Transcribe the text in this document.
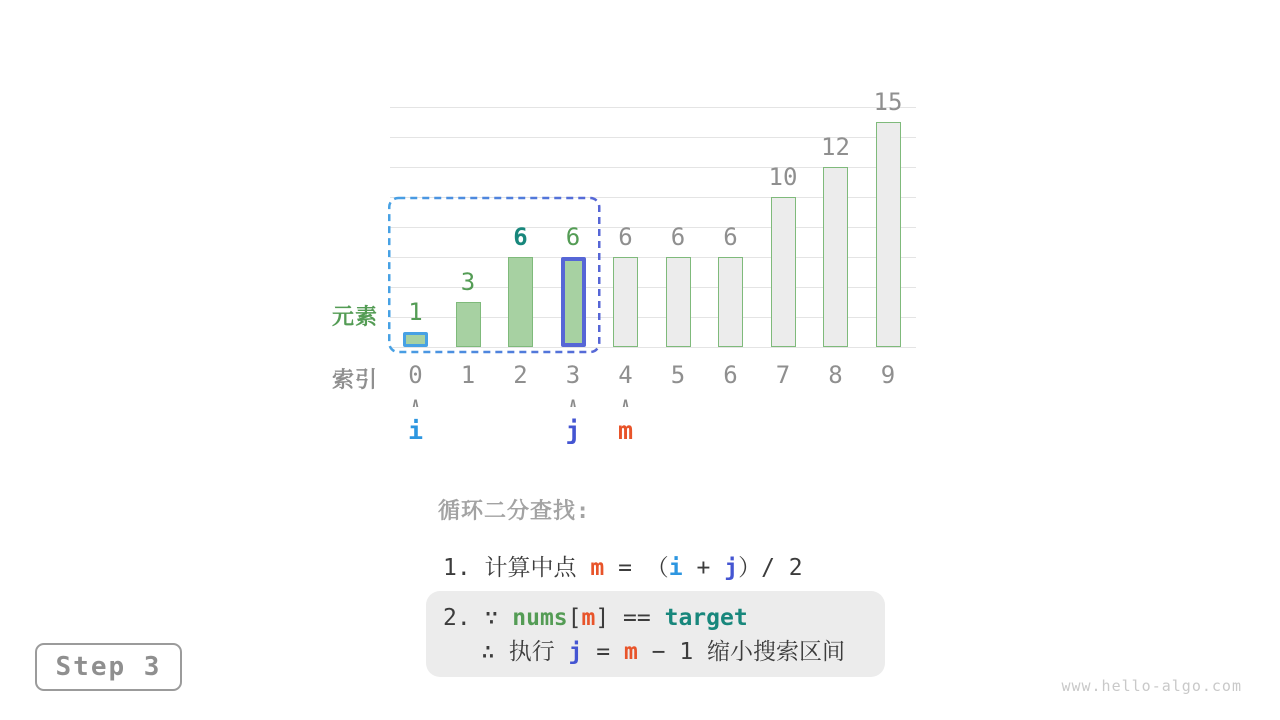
1
0
3
1
6
2
6
3
6
4
6
5
6
6
10
7
12
8
15
9
∧
i
∧
j
∧
m
元素
索引
循环二分查找:
1. 计算中点 m = （i + j）/ 2
2. ∵ nums[m] == target
∴ 执行 j = m − 1 缩小搜索区间
Step 3
www.hello-algo.com
